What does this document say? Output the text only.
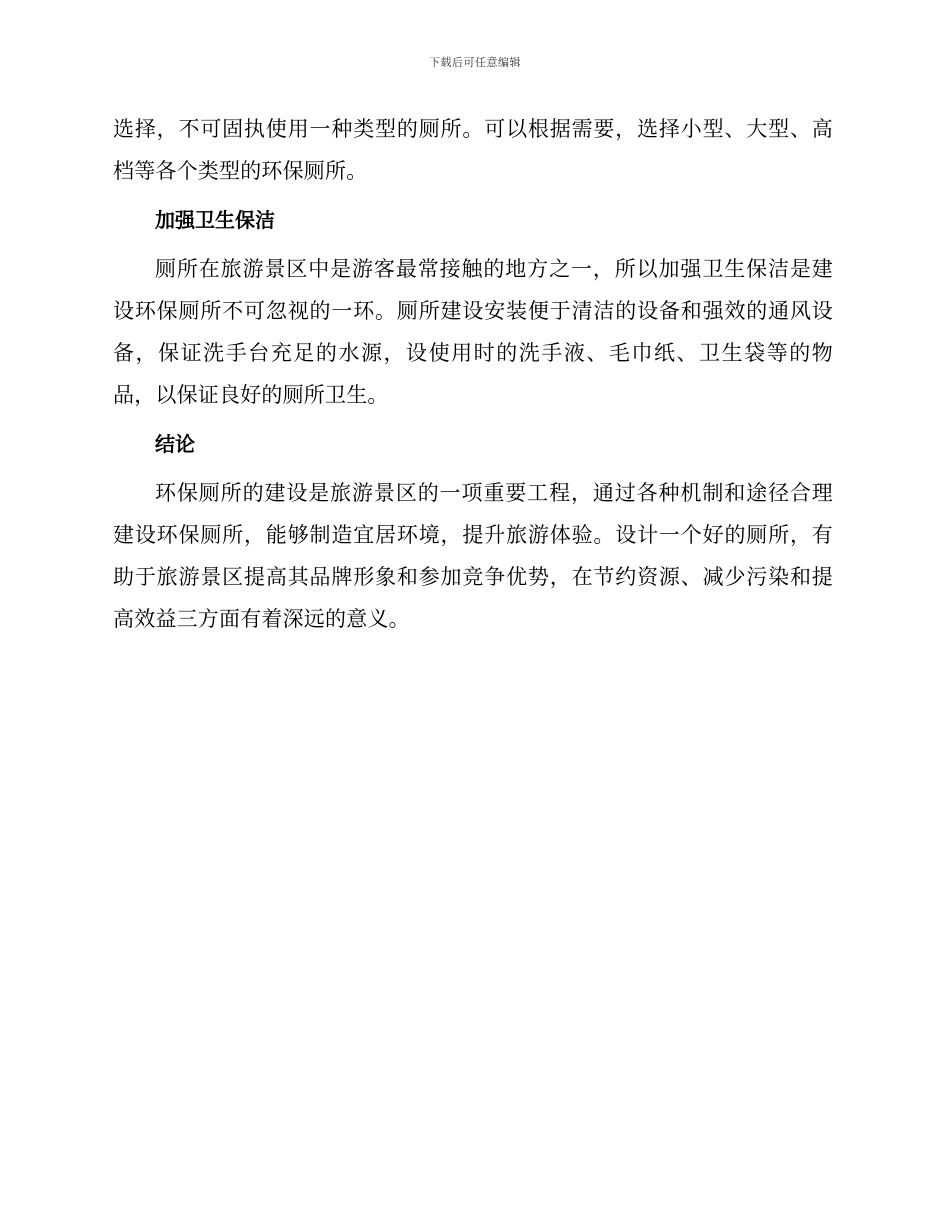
下载后可任意编辑

选择，不可固执使用一种类型的厕所。可以根据需要，选择小型、大型、高档等各个类型的环保厕所。

加强卫生保洁

厕所在旅游景区中是游客最常接触的地方之一，所以加强卫生保洁是建设环保厕所不可忽视的一环。厕所建设安装便于清洁的设备和强效的通风设备，保证洗手台充足的水源，设使用时的洗手液、毛巾纸、卫生袋等的物品，以保证良好的厕所卫生。

结论

环保厕所的建设是旅游景区的一项重要工程，通过各种机制和途径合理建设环保厕所，能够制造宜居环境，提升旅游体验。设计一个好的厕所，有助于旅游景区提高其品牌形象和参加竞争优势，在节约资源、减少污染和提高效益三方面有着深远的意义。
